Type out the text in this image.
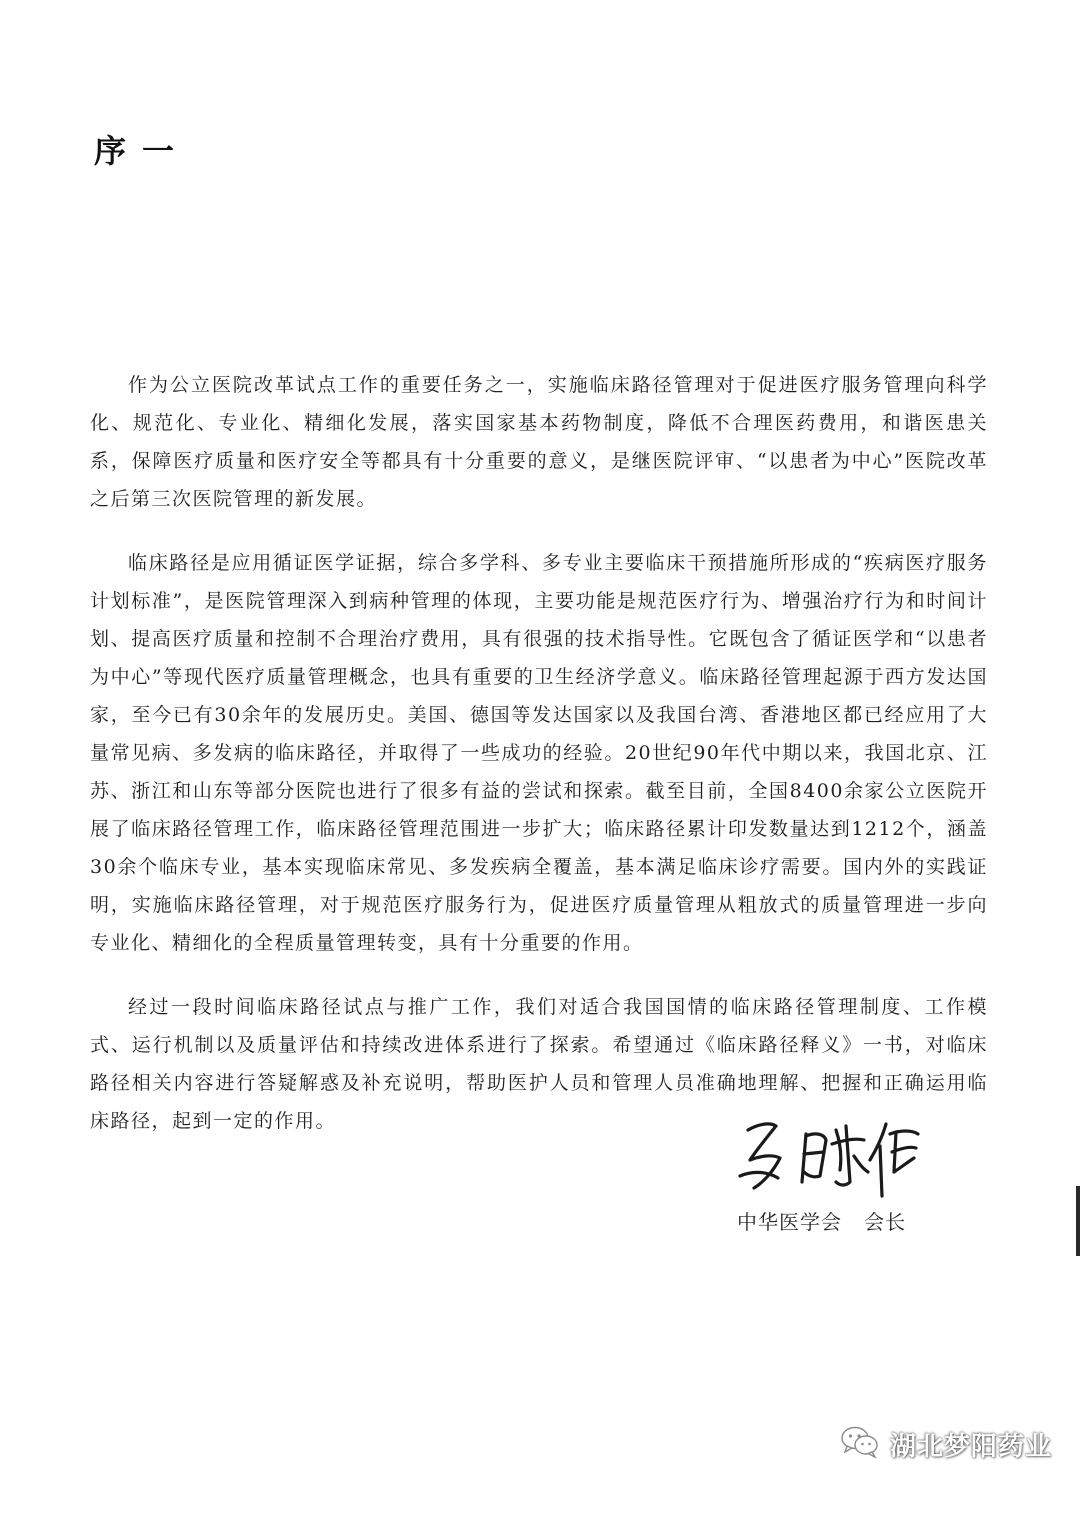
序一

作为公立医院改革试点工作的重要任务之一，实施临床路径管理对于促进医疗服务管理向科学化、规范化、专业化、精细化发展，落实国家基本药物制度，降低不合理医药费用，和谐医患关系，保障医疗质量和医疗安全等都具有十分重要的意义，是继医院评审、“以患者为中心”医院改革之后第三次医院管理的新发展。

临床路径是应用循证医学证据，综合多学科、多专业主要临床干预措施所形成的“疾病医疗服务计划标准”，是医院管理深入到病种管理的体现，主要功能是规范医疗行为、增强治疗行为和时间计划、提高医疗质量和控制不合理治疗费用，具有很强的技术指导性。它既包含了循证医学和“以患者为中心”等现代医疗质量管理概念，也具有重要的卫生经济学意义。临床路径管理起源于西方发达国家，至今已有30余年的发展历史。美国、德国等发达国家以及我国台湾、香港地区都已经应用了大量常见病、多发病的临床路径，并取得了一些成功的经验。20世纪90年代中期以来，我国北京、江苏、浙江和山东等部分医院也进行了很多有益的尝试和探索。截至目前，全国8400余家公立医院开展了临床路径管理工作，临床路径管理范围进一步扩大；临床路径累计印发数量达到1212个，涵盖30余个临床专业，基本实现临床常见、多发疾病全覆盖，基本满足临床诊疗需要。国内外的实践证明，实施临床路径管理，对于规范医疗服务行为，促进医疗质量管理从粗放式的质量管理进一步向专业化、精细化的全程质量管理转变，具有十分重要的作用。

经过一段时间临床路径试点与推广工作，我们对适合我国国情的临床路径管理制度、工作模式、运行机制以及质量评估和持续改进体系进行了探索。希望通过《临床路径释义》一书，对临床路径相关内容进行答疑解惑及补充说明，帮助医护人员和管理人员准确地理解、把握和正确运用临床路径，起到一定的作用。

中华医学会 会长
湖北梦阳药业
